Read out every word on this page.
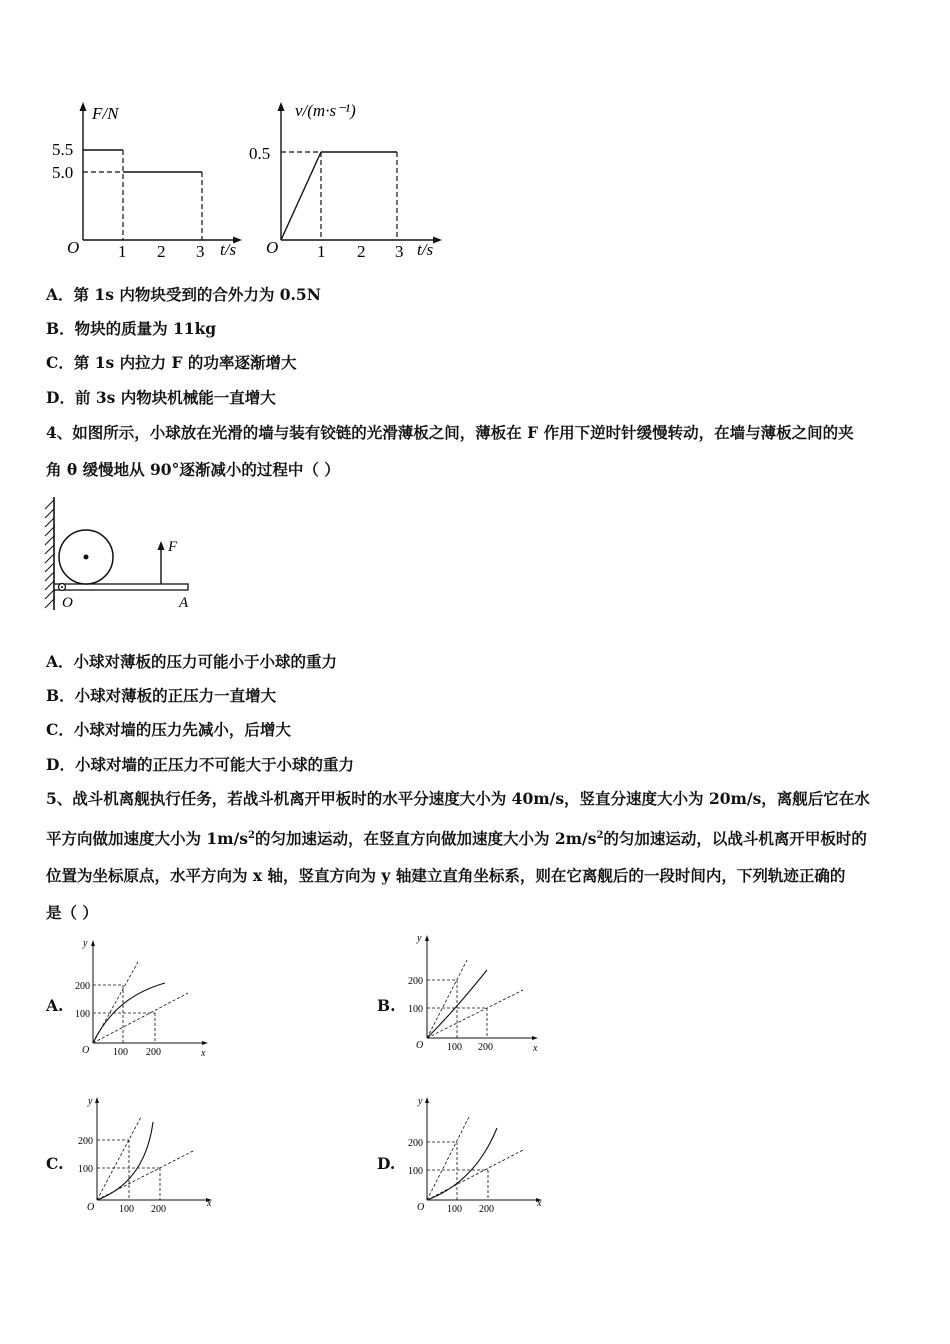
F/N
5.5
5.0
O 1 2 3 t/s
v/(m·s⁻¹)
0.5
O 1 2 3 t/s
A．第 1s 内物块受到的合外力为 0.5N
B．物块的质量为 11kg
C．第 1s 内拉力 F 的功率逐渐增大
D．前 3s 内物块机械能一直增大
4、如图所示，小球放在光滑的墙与装有铰链的光滑薄板之间，薄板在 F 作用下逆时针缓慢转动，在墙与薄板之间的夹
角 θ 缓慢地从 90°逐渐减小的过程中（ ）
F
O	A
A．小球对薄板的压力可能小于小球的重力
B．小球对薄板的正压力一直增大
C．小球对墙的压力先减小，后增大
D．小球对墙的正压力不可能大于小球的重力
5、战斗机离舰执行任务，若战斗机离开甲板时的水平分速度大小为 40m/s，竖直分速度大小为 20m/s，离舰后它在水
平方向做加速度大小为 $1m/s^2$的匀加速运动，在竖直方向做加速度大小为 $2m/s^2$的匀加速运动，以战斗机离开甲板时的
位置为坐标原点，水平方向为 x 轴，竖直方向为 y 轴建立直角坐标系，则在它离舰后的一段时间内，下列轨迹正确的
是（ ）
A.
y
x
O
200
100
100 200
B.
y
x
O
200
100
100 200
C.
y
x
O
200
100
100 200
D.
y
x
O
200
100
100 200
